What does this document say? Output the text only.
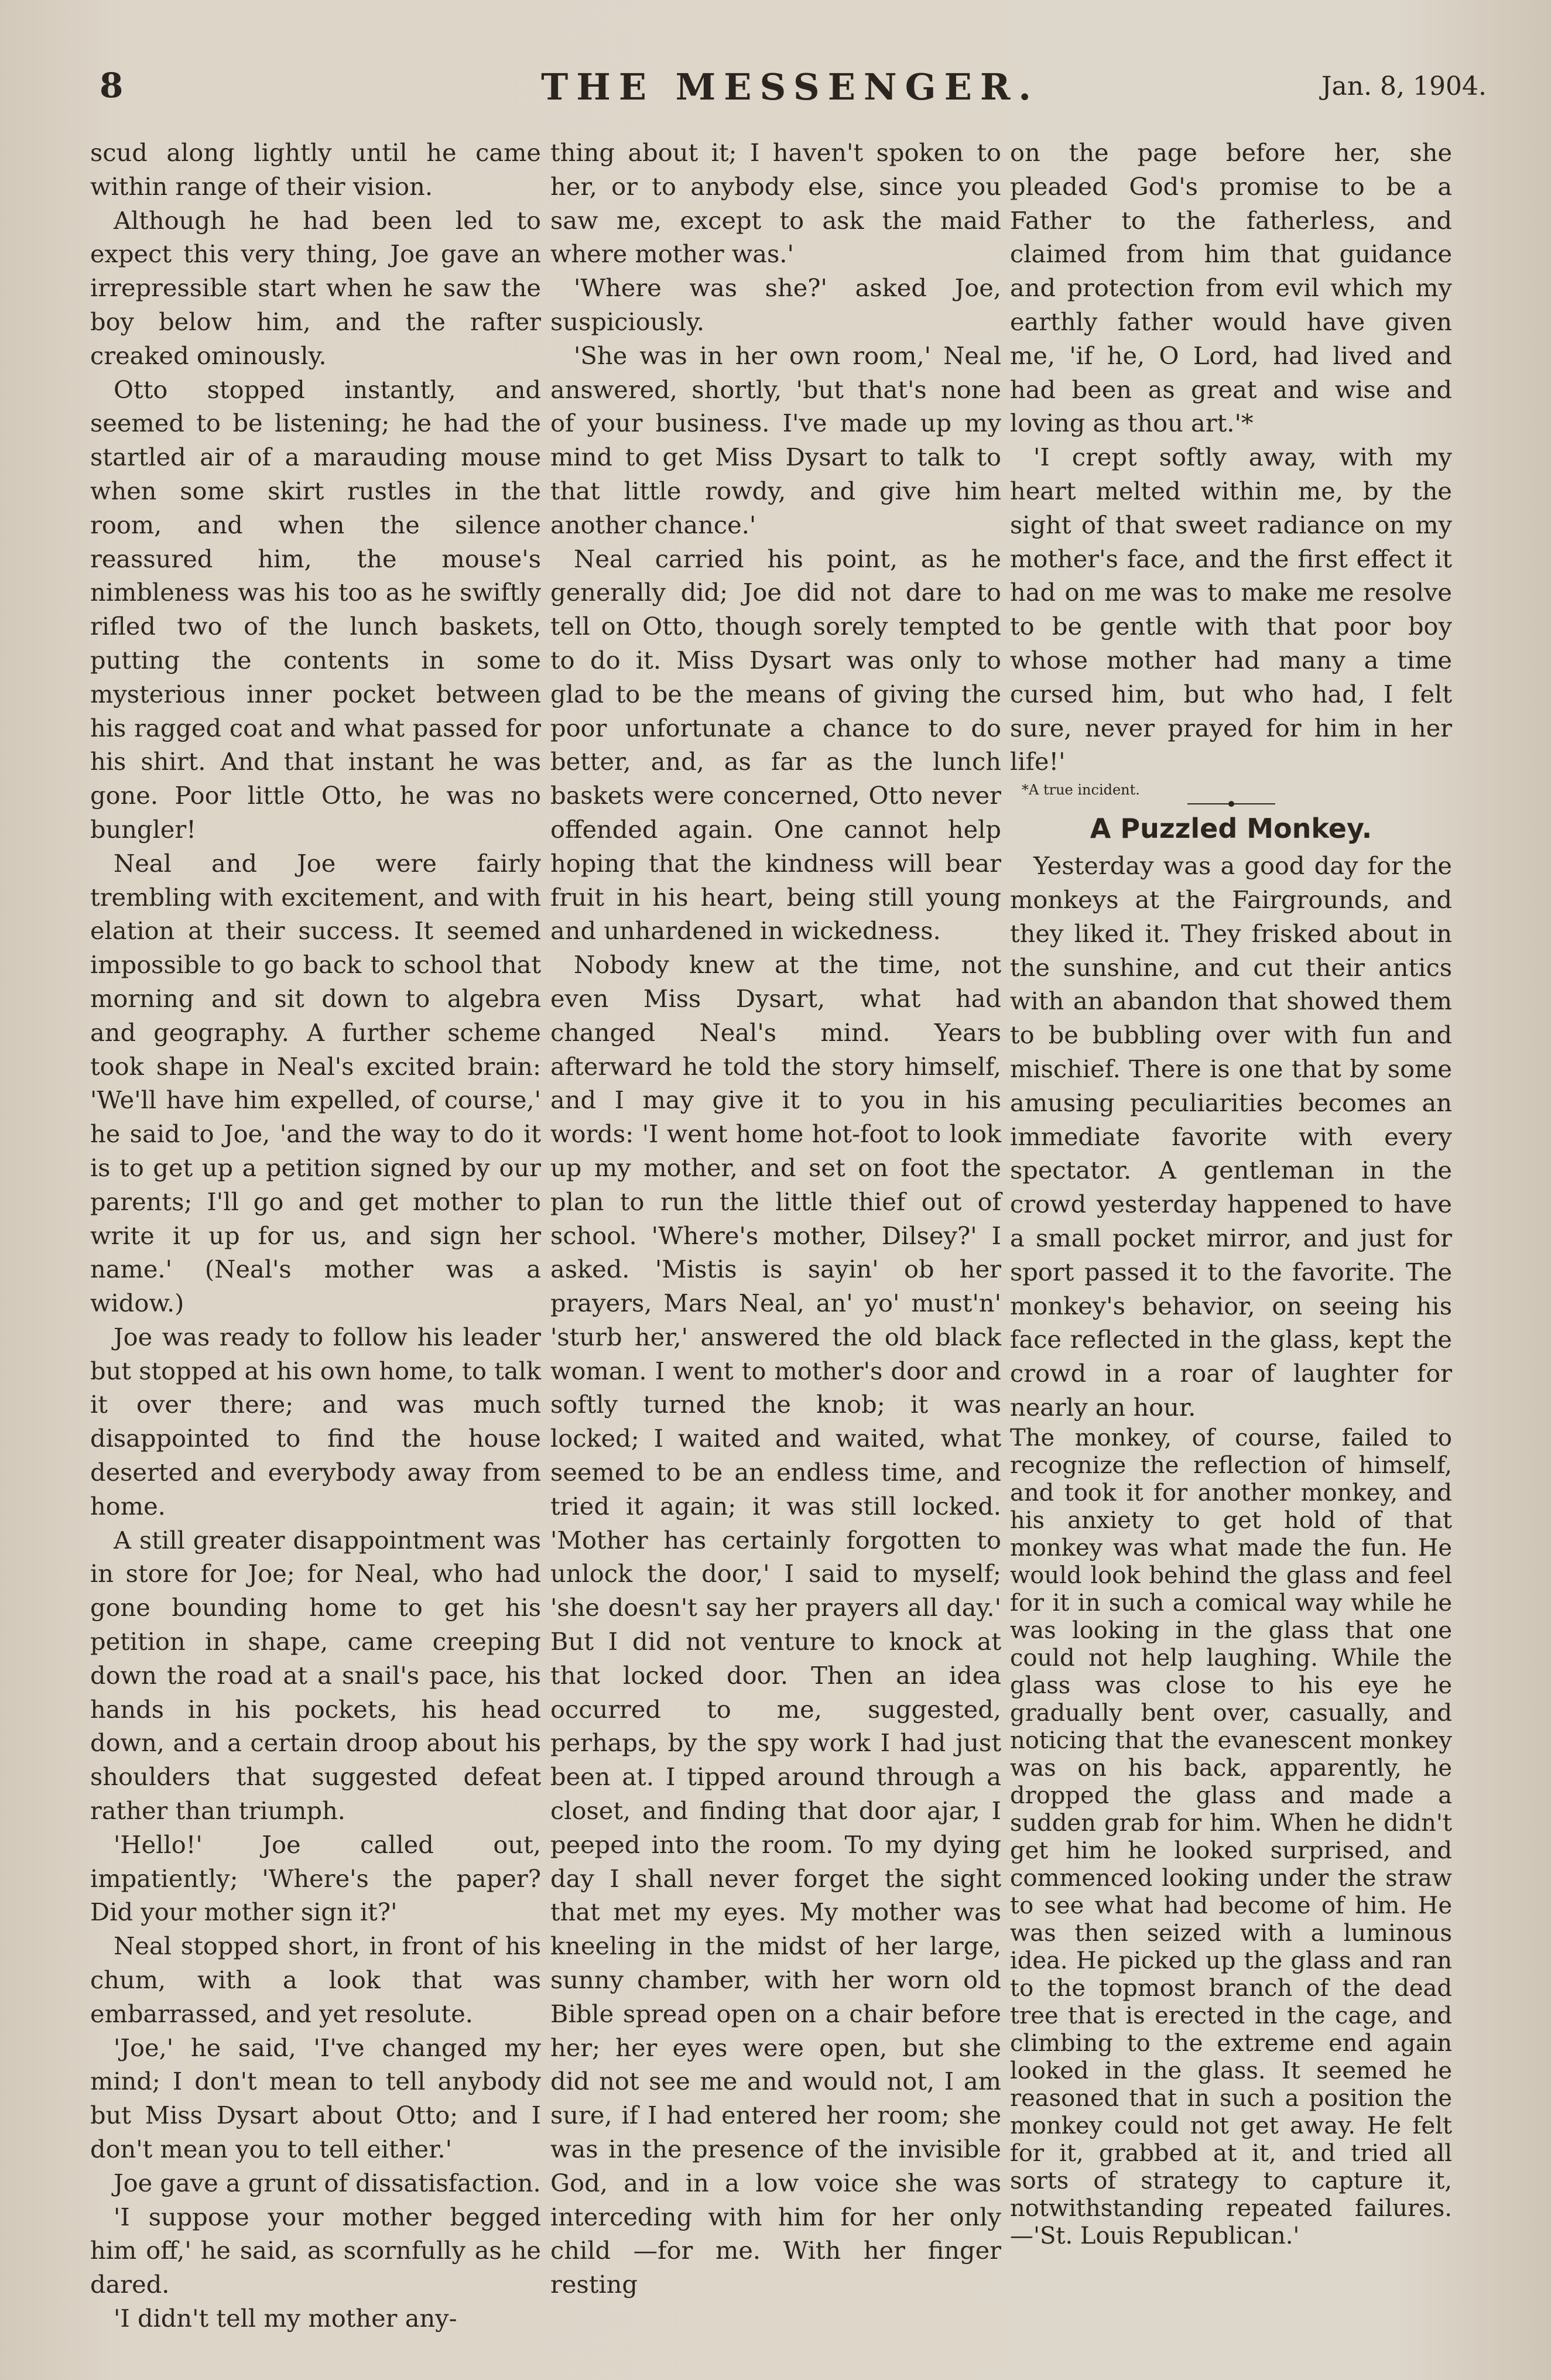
8	THE MESSENGER.	Jan. 8, 1904.

scud along lightly until he came within range of their vision.

Although he had been led to expect this very thing, Joe gave an irrepressible start when he saw the boy below him, and the rafter creaked ominously.

Otto stopped instantly, and seemed to be listening; he had the startled air of a marauding mouse when some skirt rustles in the room, and when the silence reassured him, the mouse's nimbleness was his too as he swiftly rifled two of the lunch baskets, putting the contents in some mysterious inner pocket between his ragged coat and what passed for his shirt. And that instant he was gone. Poor little Otto, he was no bungler!

Neal and Joe were fairly trembling with excitement, and with elation at their success. It seemed impossible to go back to school that morning and sit down to algebra and geography. A further scheme took shape in Neal's excited brain: 'We'll have him expelled, of course,' he said to Joe, 'and the way to do it is to get up a petition signed by our parents; I'll go and get mother to write it up for us, and sign her name.' (Neal's mother was a widow.)

Joe was ready to follow his leader but stopped at his own home, to talk it over there; and was much disappointed to find the house deserted and everybody away from home.

A still greater disappointment was in store for Joe; for Neal, who had gone bounding home to get his petition in shape, came creeping down the road at a snail's pace, his hands in his pockets, his head down, and a certain droop about his shoulders that suggested defeat rather than triumph.

'Hello!' Joe called out, impatiently; 'Where's the paper? Did your mother sign it?'

Neal stopped short, in front of his chum, with a look that was embarrassed, and yet resolute.

'Joe,' he said, 'I've changed my mind; I don't mean to tell anybody but Miss Dysart about Otto; and I don't mean you to tell either.'

Joe gave a grunt of dissatisfaction.

'I suppose your mother begged him off,' he said, as scornfully as he dared.

'I didn't tell my mother any-

thing about it; I haven't spoken to her, or to anybody else, since you saw me, except to ask the maid where mother was.'

'Where was she?' asked Joe, suspiciously.

'She was in her own room,' Neal answered, shortly, 'but that's none of your business. I've made up my mind to get Miss Dysart to talk to that little rowdy, and give him another chance.'

Neal carried his point, as he generally did; Joe did not dare to tell on Otto, though sorely tempted to do it. Miss Dysart was only to glad to be the means of giving the poor unfortunate a chance to do better, and, as far as the lunch baskets were concerned, Otto never offended again. One cannot help hoping that the kindness will bear fruit in his heart, being still young and unhardened in wickedness.

Nobody knew at the time, not even Miss Dysart, what had changed Neal's mind. Years afterward he told the story himself, and I may give it to you in his words: 'I went home hot-foot to look up my mother, and set on foot the plan to run the little thief out of school. 'Where's mother, Dilsey?' I asked. 'Mistis is sayin' ob her prayers, Mars Neal, an' yo' must'n' 'sturb her,' answered the old black woman. I went to mother's door and softly turned the knob; it was locked; I waited and waited, what seemed to be an endless time, and tried it again; it was still locked. 'Mother has certainly forgotten to unlock the door,' I said to myself; 'she doesn't say her prayers all day.' But I did not venture to knock at that locked door. Then an idea occurred to me, suggested, perhaps, by the spy work I had just been at. I tipped around through a closet, and finding that door ajar, I peeped into the room. To my dying day I shall never forget the sight that met my eyes. My mother was kneeling in the midst of her large, sunny chamber, with her worn old Bible spread open on a chair before her; her eyes were open, but she did not see me and would not, I am sure, if I had entered her room; she was in the presence of the invisible God, and in a low voice she was interceding with him for her only child —for me. With her finger resting

on the page before her, she pleaded God's promise to be a Father to the fatherless, and claimed from him that guidance and protection from evil which my earthly father would have given me, 'if he, O Lord, had lived and had been as great and wise and loving as thou art.'*

'I crept softly away, with my heart melted within me, by the sight of that sweet radiance on my mother's face, and the first effect it had on me was to make me resolve to be gentle with that poor boy whose mother had many a time cursed him, but who had, I felt sure, never prayed for him in her life!'

*A true incident.
A Puzzled Monkey.

Yesterday was a good day for the monkeys at the Fairgrounds, and they liked it. They frisked about in the sunshine, and cut their antics with an abandon that showed them to be bubbling over with fun and mischief. There is one that by some amusing peculiarities becomes an immediate favorite with every spectator. A gentleman in the crowd yesterday happened to have a small pocket mirror, and just for sport passed it to the favorite. The monkey's behavior, on seeing his face reflected in the glass, kept the crowd in a roar of laughter for nearly an hour.

The monkey, of course, failed to recognize the reflection of himself, and took it for another monkey, and his anxiety to get hold of that monkey was what made the fun. He would look behind the glass and feel for it in such a comical way while he was looking in the glass that one could not help laughing. While the glass was close to his eye he gradually bent over, casually, and noticing that the evanescent monkey was on his back, apparently, he dropped the glass and made a sudden grab for him. When he didn't get him he looked surprised, and commenced looking under the straw to see what had become of him. He was then seized with a luminous idea. He picked up the glass and ran to the topmost branch of the dead tree that is erected in the cage, and climbing to the extreme end again looked in the glass. It seemed he reasoned that in such a position the monkey could not get away. He felt for it, grabbed at it, and tried all sorts of strategy to capture it, notwithstanding repeated failures. —'St. Louis Republican.'
